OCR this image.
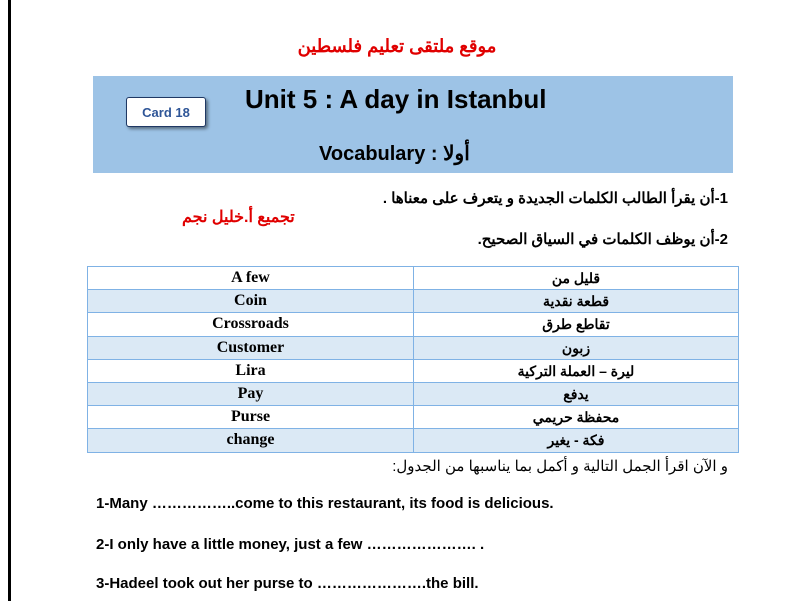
موقع ملتقى تعليم فلسطين
Card 18	Unit 5 : A day in Istanbul
Vocabulary : أولا
تجميع أ.خليل نجم
1-أن يقرأ الطالب الكلمات الجديدة و يتعرف على معناها .
2-أن يوظف الكلمات في السياق الصحيح.
A few	قليل من
Coin	قطعة نقدية
Crossroads	تقاطع طرق
Customer	زبون
Lira	ليرة – العملة التركية
Pay	يدفع
Purse	محفظة حريمي
change	فكة - يغير
و الآن اقرأ الجمل التالية و أكمل بما يناسبها من الجدول:
1-Many ……………..come to this restaurant, its food is delicious.
2-I only have a little money, just a few …………………. .
3-Hadeel took out her purse to ………………….the bill.
